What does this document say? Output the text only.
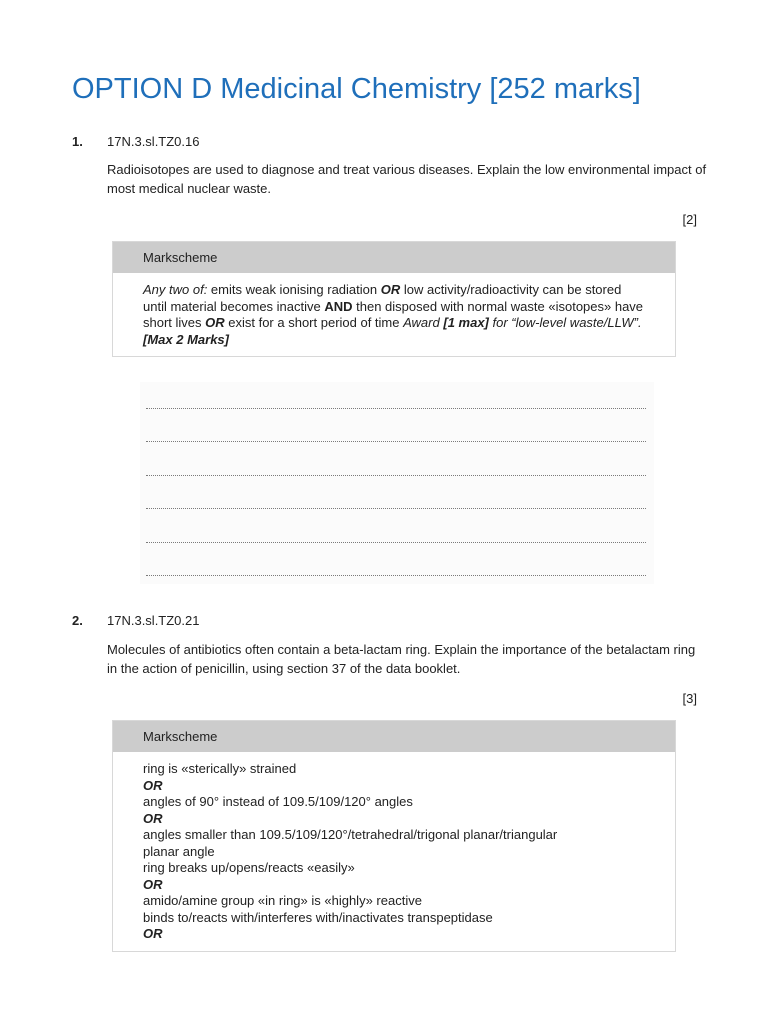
OPTION D Medicinal Chemistry [252 marks]
1. 17N.3.sl.TZ0.16
Radioisotopes are used to diagnose and treat various diseases. Explain the low environmental impact of most medical nuclear waste.
[2]
Markscheme
Any two of: emits weak ionising radiation OR low activity/radioactivity can be stored until material becomes inactive AND then disposed with normal waste «isotopes» have short lives OR exist for a short period of time Award [1 max] for “low-level waste/LLW”. [Max 2 Marks]
2. 17N.3.sl.TZ0.21
Molecules of antibiotics often contain a beta-lactam ring. Explain the importance of the betalactam ring in the action of penicillin, using section 37 of the data booklet.
[3]
Markscheme
ring is «sterically» strained
OR
angles of 90° instead of 109.5/109/120° angles
OR
angles smaller than 109.5/109/120°/tetrahedral/trigonal planar/triangular
planar angle
ring breaks up/opens/reacts «easily»
OR
amido/amine group «in ring» is «highly» reactive
binds to/reacts with/interferes with/inactivates transpeptidase
OR
